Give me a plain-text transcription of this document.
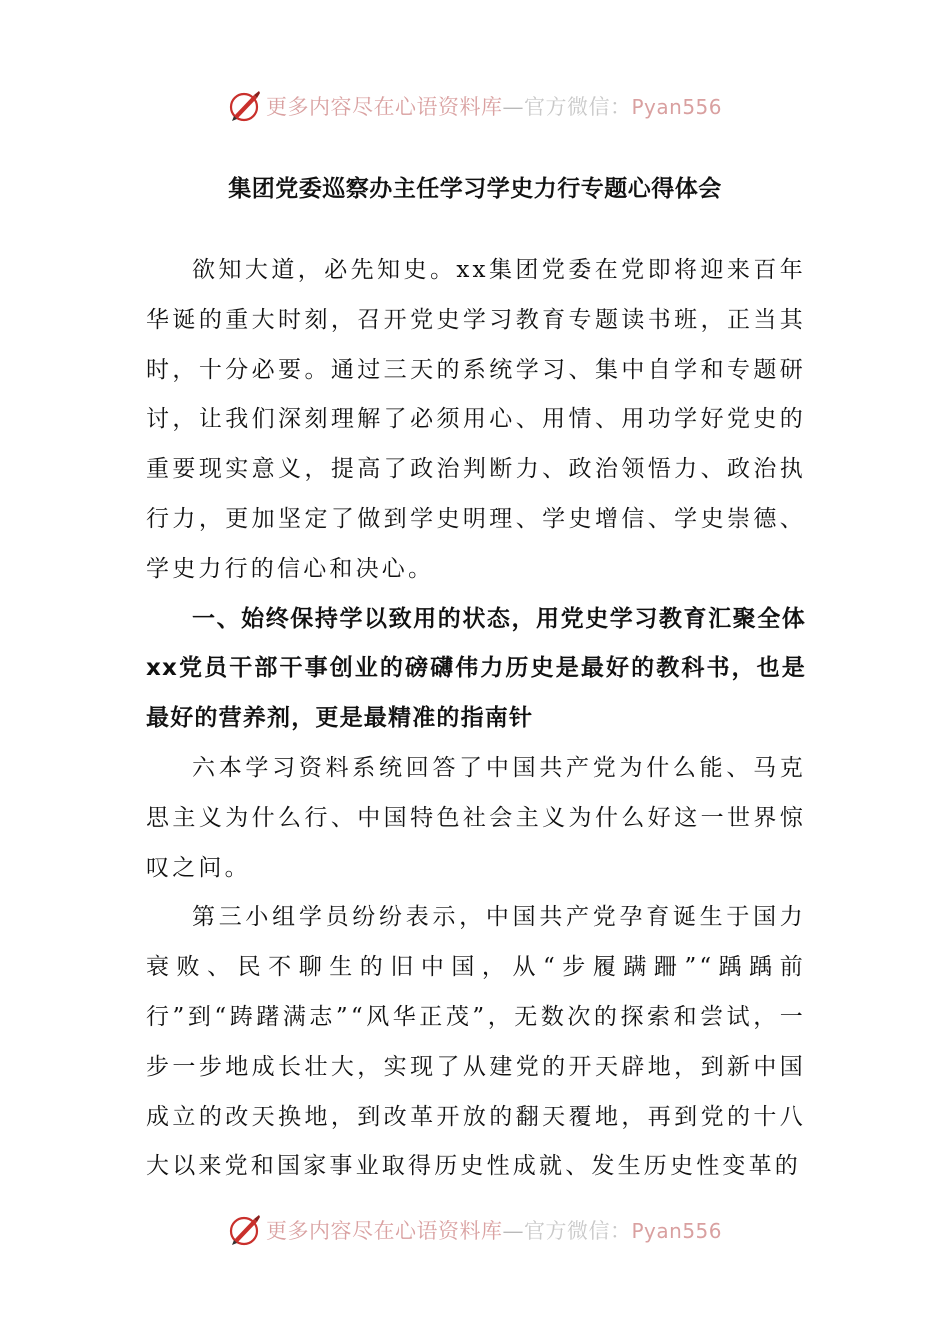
更多内容尽在心语资料库—官方微信：Pyan556
集团党委巡察办主任学习学史力行专题心得体会

欲知大道，必先知史。xx集团党委在党即将迎来百年华诞的重大时刻，召开党史学习教育专题读书班，正当其时，十分必要。通过三天的系统学习、集中自学和专题研讨，让我们深刻理解了必须用心、用情、用功学好党史的重要现实意义，提高了政治判断力、政治领悟力、政治执行力，更加坚定了做到学史明理、学史增信、学史崇德、学史力行的信心和决心。

一、始终保持学以致用的状态，用党史学习教育汇聚全体xx党员干部干事创业的磅礴伟力历史是最好的教科书，也是最好的营养剂，更是最精准的指南针

六本学习资料系统回答了中国共产党为什么能、马克思主义为什么行、中国特色社会主义为什么好这一世界惊叹之问。

第三小组学员纷纷表示，中国共产党孕育诞生于国力衰败、民不聊生的旧中国，从“步履蹒跚”“踽踽前行”到“踌躇满志”“风华正茂”，无数次的探索和尝试，一步一步地成长壮大，实现了从建党的开天辟地，到新中国成立的改天换地，到改革开放的翻天覆地，再到党的十八大以来党和国家事业取得历史性成就、发生历史性变革的

更多内容尽在心语资料库—官方微信：Pyan556
